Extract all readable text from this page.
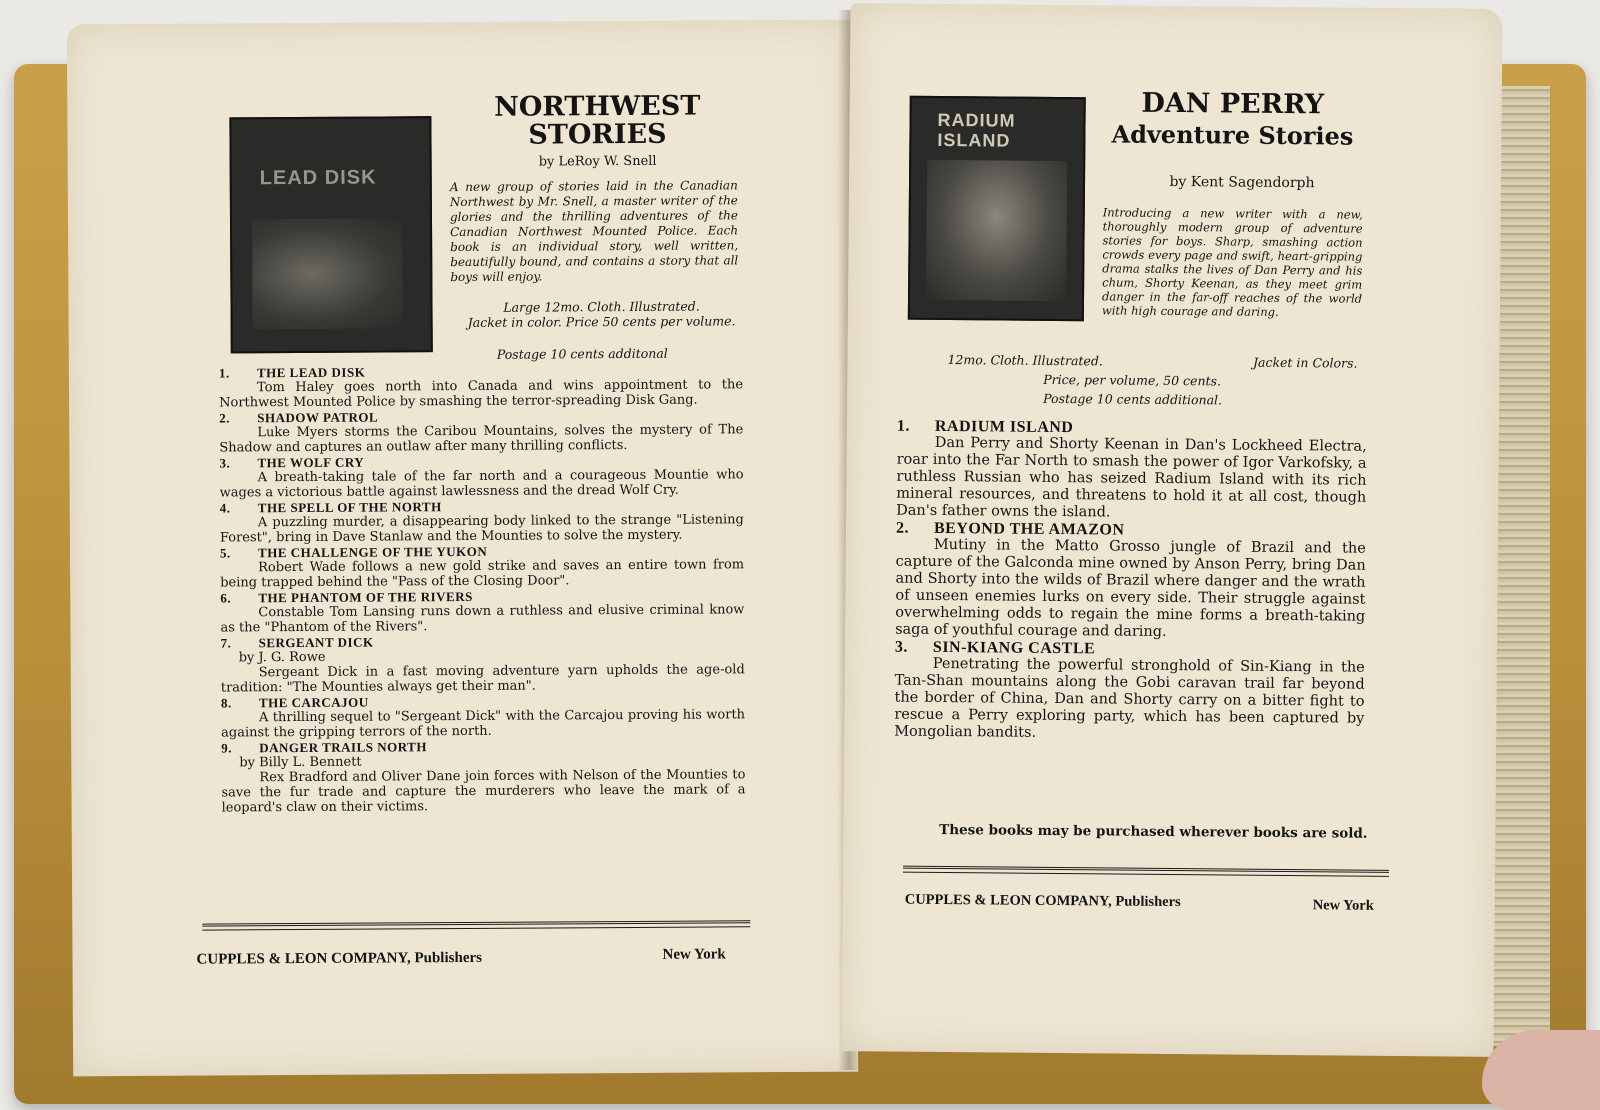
LEAD DISK
NORTHWEST
STORIES
by LeRoy W. Snell
A new group of stories laid in the Canadian Northwest by Mr. Snell, a master writer of the glories and the thrilling adventures of the Canadian Northwest Mounted Police. Each book is an individual story, well written, beautifully bound, and contains a story that all boys will enjoy.
Large 12mo. Cloth. Illustrated.
Jacket in color. Price 50 cents per volume.
Postage 10 cents additonal
1. THE LEAD DISK
Tom Haley goes north into Canada and wins appointment to the Northwest Mounted Police by smashing the terror-spreading Disk Gang.
2. SHADOW PATROL
Luke Myers storms the Caribou Mountains, solves the mystery of The Shadow and captures an outlaw after many thrilling conflicts.
3. THE WOLF CRY
A breath-taking tale of the far north and a courageous Mountie who wages a victorious battle against lawlessness and the dread Wolf Cry.
4. THE SPELL OF THE NORTH
A puzzling murder, a disappearing body linked to the strange "Listening Forest", bring in Dave Stanlaw and the Mounties to solve the mystery.
5. THE CHALLENGE OF THE YUKON
Robert Wade follows a new gold strike and saves an entire town from being trapped behind the "Pass of the Closing Door".
6. THE PHANTOM OF THE RIVERS
Constable Tom Lansing runs down a ruthless and elusive criminal know as the "Phantom of the Rivers".
7. SERGEANT DICK
by J. G. Rowe
Sergeant Dick in a fast moving adventure yarn upholds the age-old tradition: "The Mounties always get their man".
8. THE CARCAJOU
A thrilling sequel to "Sergeant Dick" with the Carcajou proving his worth against the gripping terrors of the north.
9. DANGER TRAILS NORTH
by Billy L. Bennett
Rex Bradford and Oliver Dane join forces with Nelson of the Mounties to save the fur trade and capture the murderers who leave the mark of a leopard's claw on their victims.
CUPPLES & LEON COMPANY, Publishers	New York
RADIUM
ISLAND
DAN PERRY
Adventure Stories
by Kent Sagendorph
Introducing a new writer with a new, thoroughly modern group of adventure stories for boys. Sharp, smashing action crowds every page and swift, heart-gripping drama stalks the lives of Dan Perry and his chum, Shorty Keenan, as they meet grim danger in the far-off reaches of the world with high courage and daring.
12mo. Cloth. Illustrated.	Jacket in Colors.
Price, per volume, 50 cents.
Postage 10 cents additional.
1. RADIUM ISLAND
Dan Perry and Shorty Keenan in Dan's Lockheed Electra, roar into the Far North to smash the power of Igor Varkofsky, a ruthless Russian who has seized Radium Island with its rich mineral resources, and threatens to hold it at all cost, though Dan's father owns the island.
2. BEYOND THE AMAZON
Mutiny in the Matto Grosso jungle of Brazil and the capture of the Galconda mine owned by Anson Perry, bring Dan and Shorty into the wilds of Brazil where danger and the wrath of unseen enemies lurks on every side. Their struggle against overwhelming odds to regain the mine forms a breath-taking saga of youthful courage and daring.
3. SIN-KIANG CASTLE
Penetrating the powerful stronghold of Sin-Kiang in the Tan-Shan mountains along the Gobi caravan trail far beyond the border of China, Dan and Shorty carry on a bitter fight to rescue a Perry exploring party, which has been captured by Mongolian bandits.
These books may be purchased wherever books are sold.
CUPPLES & LEON COMPANY, Publishers	New York
